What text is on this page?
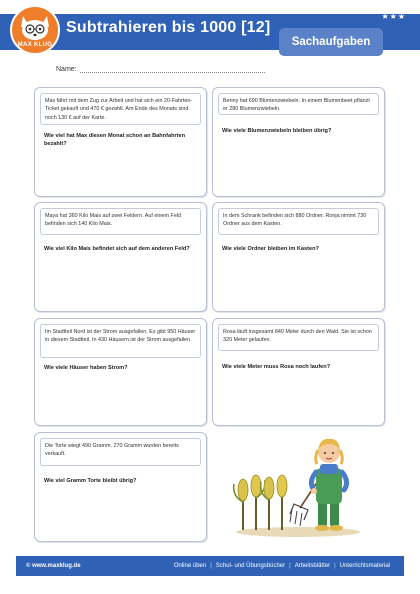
MAX KLUG
Subtrahieren bis 1000 [12]
★★★
Sachaufgaben
Name:
Max fährt mit dem Zug zur Arbeit und hat sich ein 20-Fahrten-Ticket gekauft und 470 € gezahlt. Am Ende des Monats sind noch 130 € auf der Karte.
Wie viel hat Max diesen Monat schon an Bahnfahrten bezahlt?
Benny hat 690 Blumenzwiebeln. In einem Blumenbeet pflanzt er 280 Blumenzwiebeln.
Wie viele Blumenzwiebeln bleiben übrig?
Maya hat 360 Kilo Mais auf zwei Feldern. Auf einem Feld befinden sich 140 Kilo Mais.
Wie viel Kilo Mais befindet sich auf dem anderen Feld?
In dem Schrank befinden sich 880 Ordner. Ronja nimmt 730 Ordner aus dem Kasten.
Wie viele Ordner bleiben im Kasten?
Im Stadtteil Nord ist der Strom ausgefallen. Es gibt 950 Häuser in diesem Stadtteil. In 430 Häusern ist der Strom ausgefallen.
Wie viele Häuser haben Strom?
Rosa läuft insgesamt 840 Meter durch den Wald. Sie ist schon 320 Meter gelaufen.
Wie viele Meter muss Rosa noch laufen?
Die Torte wiegt 490 Gramm. 270 Gramm wurden bereits verkauft.
Wie viel Gramm Torte bleibt übrig?
© www.maxklug.de	Online üben | Schul- und Übungsbücher | Arbeitsblätter | Unterrichtsmaterial
